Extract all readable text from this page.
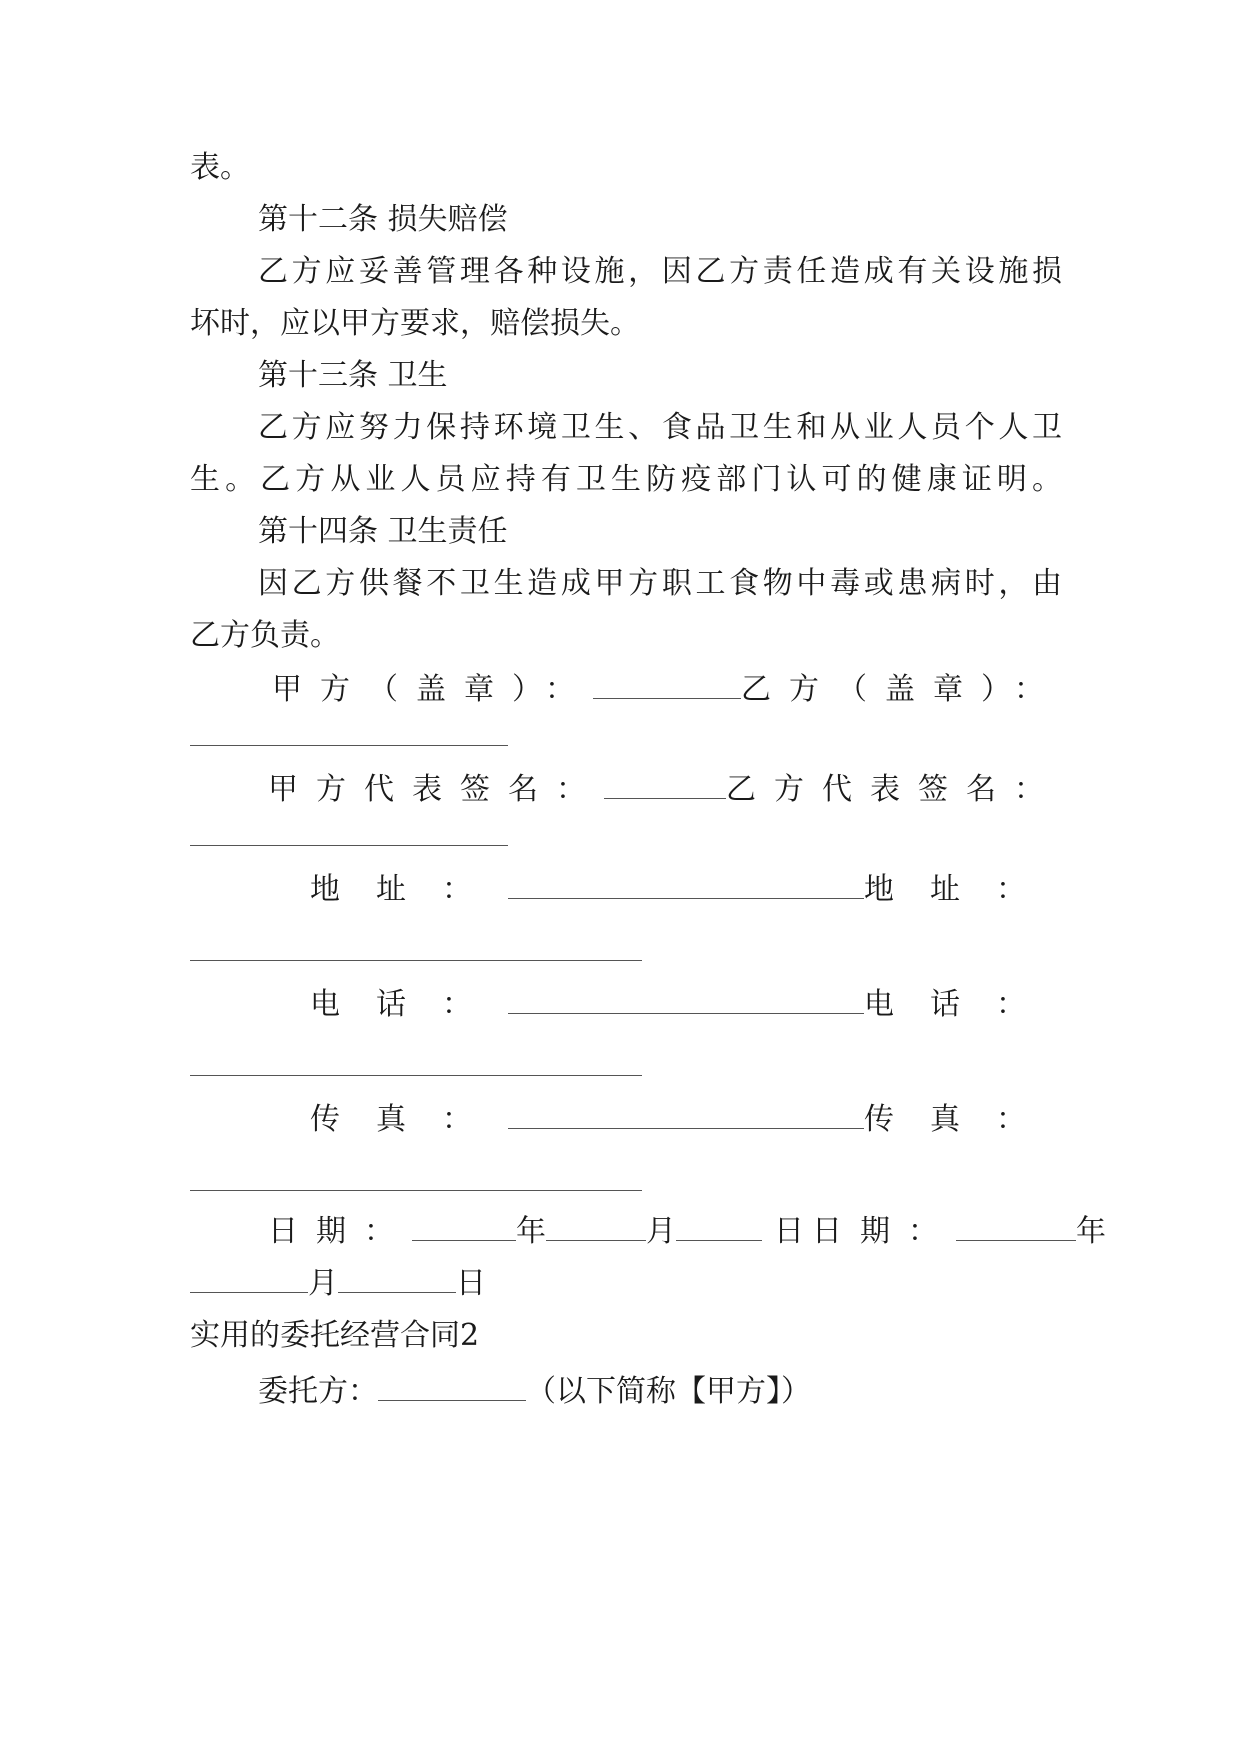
表。
第十二条 损失赔偿
乙方应妥善管理各种设施，因乙方责任造成有关设施损
坏时，应以甲方要求，赔偿损失。
第十三条 卫生
乙方应努力保持环境卫生、食品卫生和从业人员个人卫
生。乙方从业人员应持有卫生防疫部门认可的健康证明。
第十四条 卫生责任
因乙方供餐不卫生造成甲方职工食物中毒或患病时，由
乙方负责。
甲方（盖章）：	乙方（盖章）：
甲方代表签名：	乙方代表签名：
地址：	地址：
电话：	电话：
传真：	传真：
日期：	年	月	日 日期：	年
月	日
实用的委托经营合同2
委托方：	（以下简称【甲方】）
